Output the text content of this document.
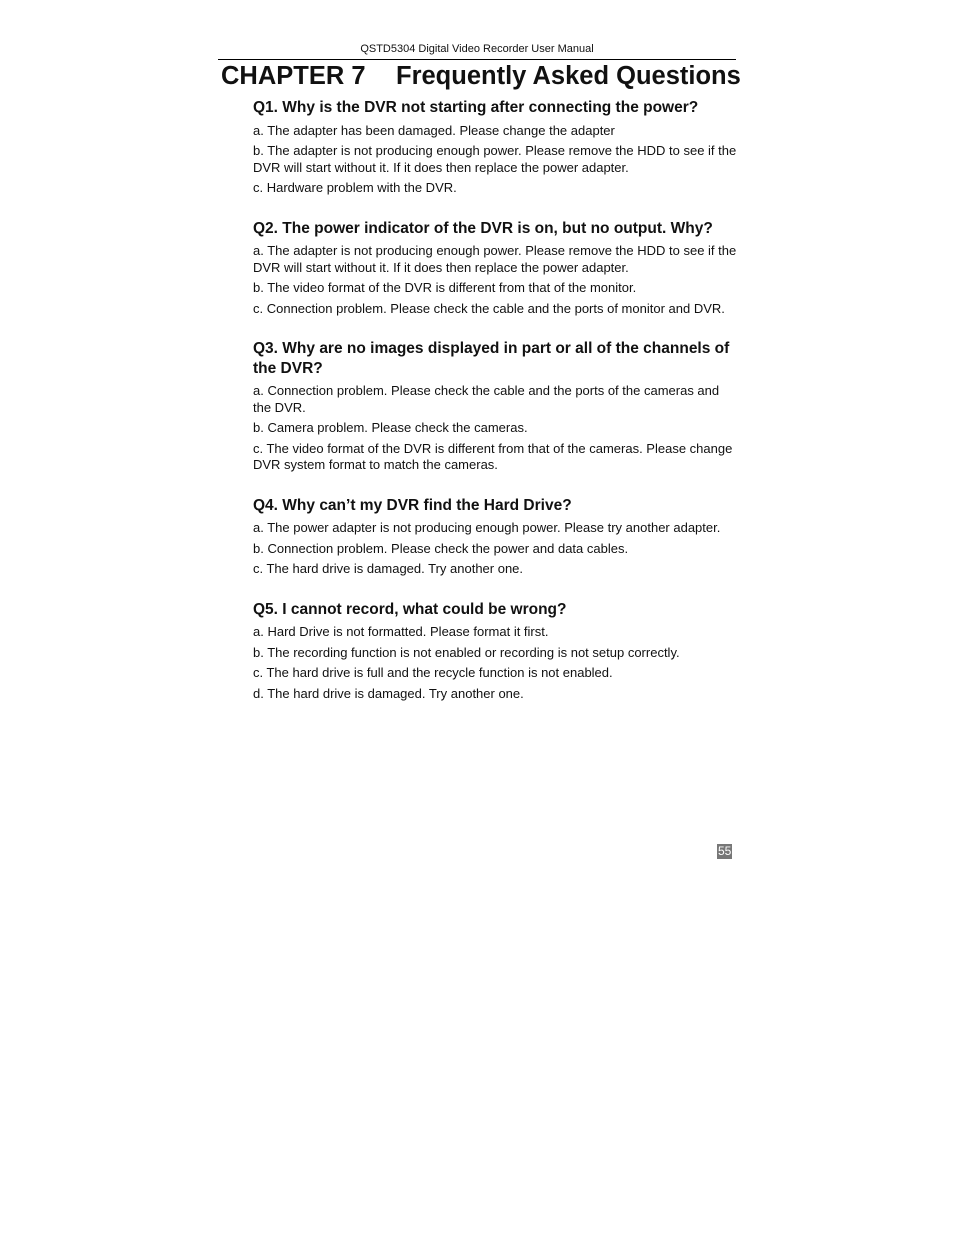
QSTD5304 Digital Video Recorder User Manual
CHAPTER 7 Frequently Asked Questions
Q1. Why is the DVR not starting after connecting the power?

a. The adapter has been damaged. Please change the adapter

b. The adapter is not producing enough power. Please remove the HDD to see if the DVR will start without it. If it does then replace the power adapter.

c. Hardware problem with the DVR.

Q2. The power indicator of the DVR is on, but no output. Why?

a. The adapter is not producing enough power. Please remove the HDD to see if the DVR will start without it. If it does then replace the power adapter.

b. The video format of the DVR is different from that of the monitor.

c. Connection problem. Please check the cable and the ports of monitor and DVR.

Q3. Why are no images displayed in part or all of the channels of the DVR?

a. Connection problem. Please check the cable and the ports of the cameras and the DVR.

b. Camera problem. Please check the cameras.

c. The video format of the DVR is different from that of the cameras. Please change DVR system format to match the cameras.

Q4. Why can’t my DVR find the Hard Drive?

a. The power adapter is not producing enough power. Please try another adapter.

b. Connection problem. Please check the power and data cables.

c. The hard drive is damaged. Try another one.

Q5. I cannot record, what could be wrong?

a. Hard Drive is not formatted. Please format it first.

b. The recording function is not enabled or recording is not setup correctly.

c. The hard drive is full and the recycle function is not enabled.

d. The hard drive is damaged. Try another one.

55
